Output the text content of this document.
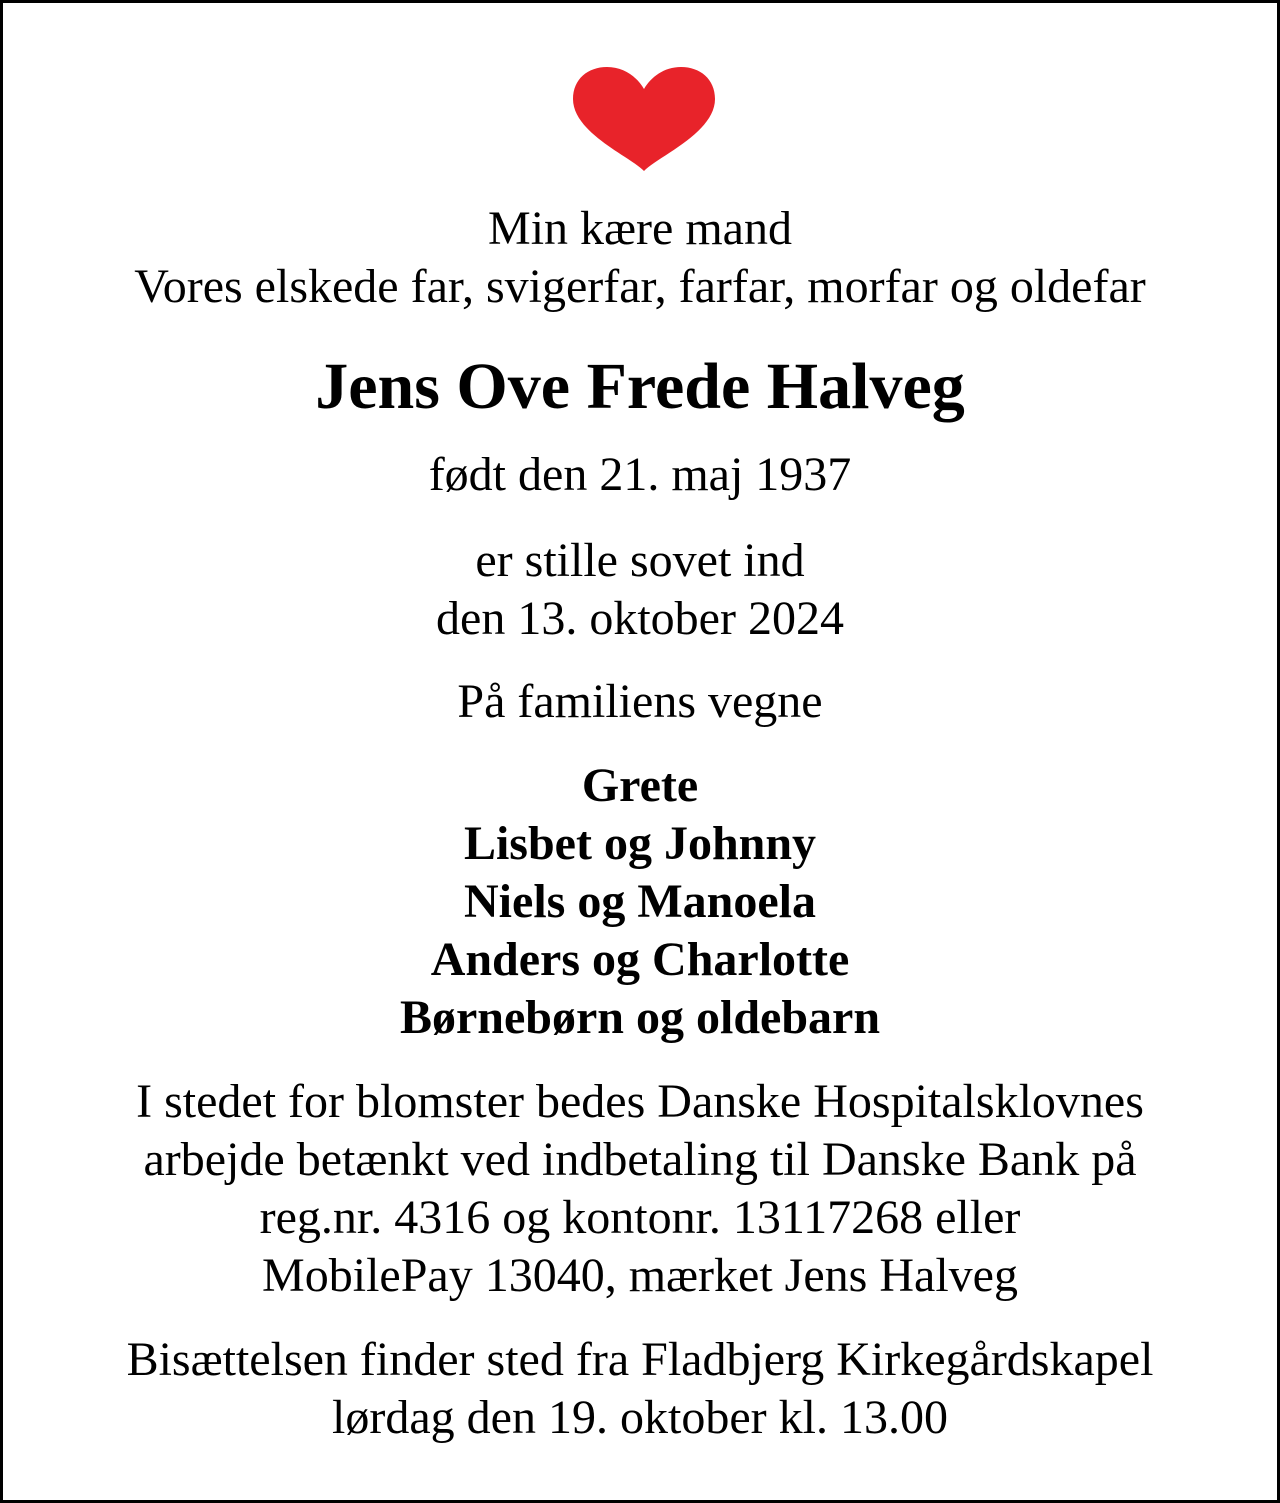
Min kære mand
Vores elskede far, svigerfar, farfar, morfar og oldefar
Jens Ove Frede Halveg
født den 21. maj 1937
er stille sovet ind
den 13. oktober 2024
På familiens vegne
Grete
Lisbet og Johnny
Niels og Manoela
Anders og Charlotte
Børnebørn og oldebarn
I stedet for blomster bedes Danske Hospitalsklovnes
arbejde betænkt ved indbetaling til Danske Bank på
reg.nr. 4316 og kontonr. 13117268 eller
MobilePay 13040, mærket Jens Halveg
Bisættelsen finder sted fra Fladbjerg Kirkegårdskapel
lørdag den 19. oktober kl. 13.00
